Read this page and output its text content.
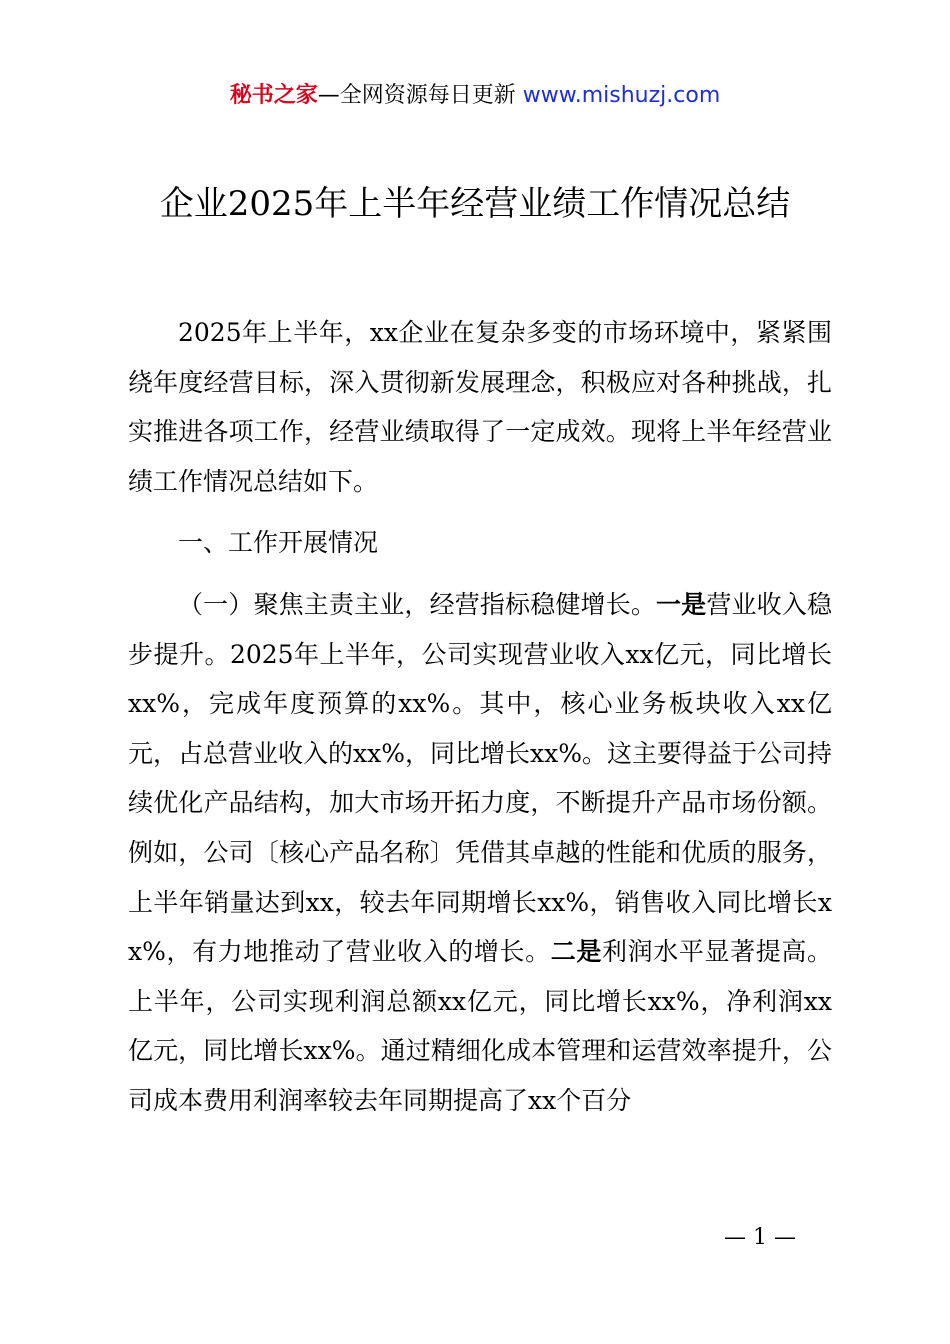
秘书之家—全网资源每日更新 www.mishuzj.com
企业2025年上半年经营业绩工作情况总结

2025年上半年，xx企业在复杂多变的市场环境中，紧紧围绕年度经营目标，深入贯彻新发展理念，积极应对各种挑战，扎实推进各项工作，经营业绩取得了一定成效。现将上半年经营业绩工作情况总结如下。

一、工作开展情况

（一）聚焦主责主业，经营指标稳健增长。一是营业收入稳步提升。2025年上半年，公司实现营业收入xx亿元，同比增长xx%，完成年度预算的xx%。其中，核心业务板块收入xx亿元，占总营业收入的xx%，同比增长xx%。这主要得益于公司持续优化产品结构，加大市场开拓力度，不断提升产品市场份额。例如，公司〔核心产品名称〕凭借其卓越的性能和优质的服务，上半年销量达到xx，较去年同期增长xx%，销售收入同比增长xx%，有力地推动了营业收入的增长。二是利润水平显著提高。上半年，公司实现利润总额xx亿元，同比增长xx%，净利润xx亿元，同比增长xx%。通过精细化成本管理和运营效率提升，公司成本费用利润率较去年同期提高了xx个百分

— 1 —
